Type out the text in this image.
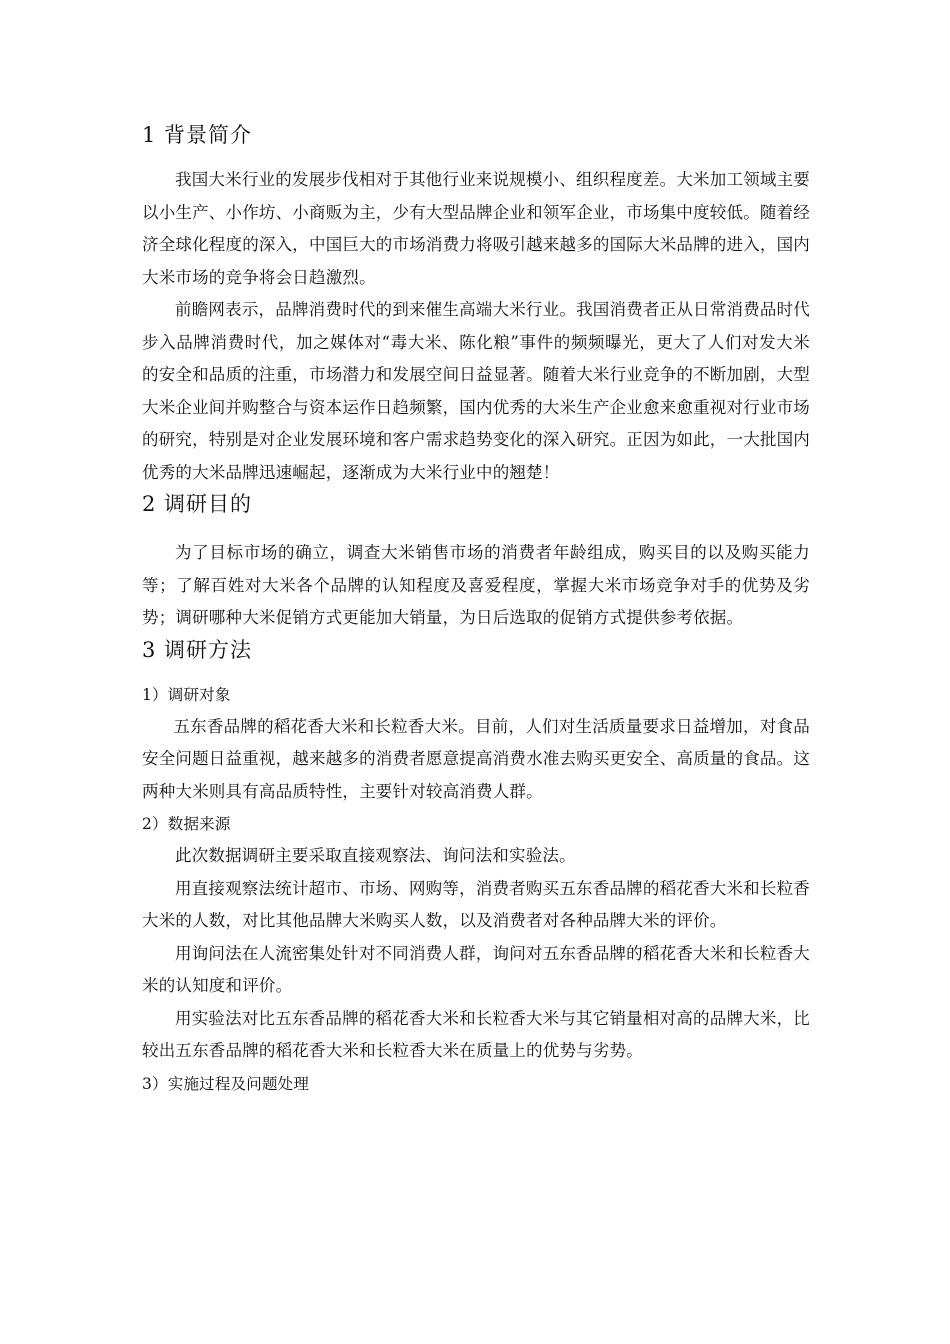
1 背景简介

我国大米行业的发展步伐相对于其他行业来说规模小、组织程度差。大米加工领域主要以小生产、小作坊、小商贩为主，少有大型品牌企业和领军企业，市场集中度较低。随着经济全球化程度的深入，中国巨大的市场消费力将吸引越来越多的国际大米品牌的进入，国内大米市场的竞争将会日趋激烈。

前瞻网表示，品牌消费时代的到来催生高端大米行业。我国消费者正从日常消费品时代步入品牌消费时代，加之媒体对“毒大米、陈化粮”事件的频频曝光，更大了人们对发大米的安全和品质的注重，市场潜力和发展空间日益显著。随着大米行业竞争的不断加剧，大型大米企业间并购整合与资本运作日趋频繁，国内优秀的大米生产企业愈来愈重视对行业市场的研究，特别是对企业发展环境和客户需求趋势变化的深入研究。正因为如此，一大批国内优秀的大米品牌迅速崛起，逐渐成为大米行业中的翘楚！

2 调研目的

为了目标市场的确立，调查大米销售市场的消费者年龄组成，购买目的以及购买能力等；了解百姓对大米各个品牌的认知程度及喜爱程度，掌握大米市场竞争对手的优势及劣势；调研哪种大米促销方式更能加大销量，为日后选取的促销方式提供参考依据。

3 调研方法

1）调研对象

五东香品牌的稻花香大米和长粒香大米。目前，人们对生活质量要求日益增加，对食品安全问题日益重视，越来越多的消费者愿意提高消费水准去购买更安全、高质量的食品。这两种大米则具有高品质特性，主要针对较高消费人群。

2）数据来源

此次数据调研主要采取直接观察法、询问法和实验法。

用直接观察法统计超市、市场、网购等，消费者购买五东香品牌的稻花香大米和长粒香大米的人数，对比其他品牌大米购买人数，以及消费者对各种品牌大米的评价。

用询问法在人流密集处针对不同消费人群，询问对五东香品牌的稻花香大米和长粒香大米的认知度和评价。

用实验法对比五东香品牌的稻花香大米和长粒香大米与其它销量相对高的品牌大米，比较出五东香品牌的稻花香大米和长粒香大米在质量上的优势与劣势。

3）实施过程及问题处理
